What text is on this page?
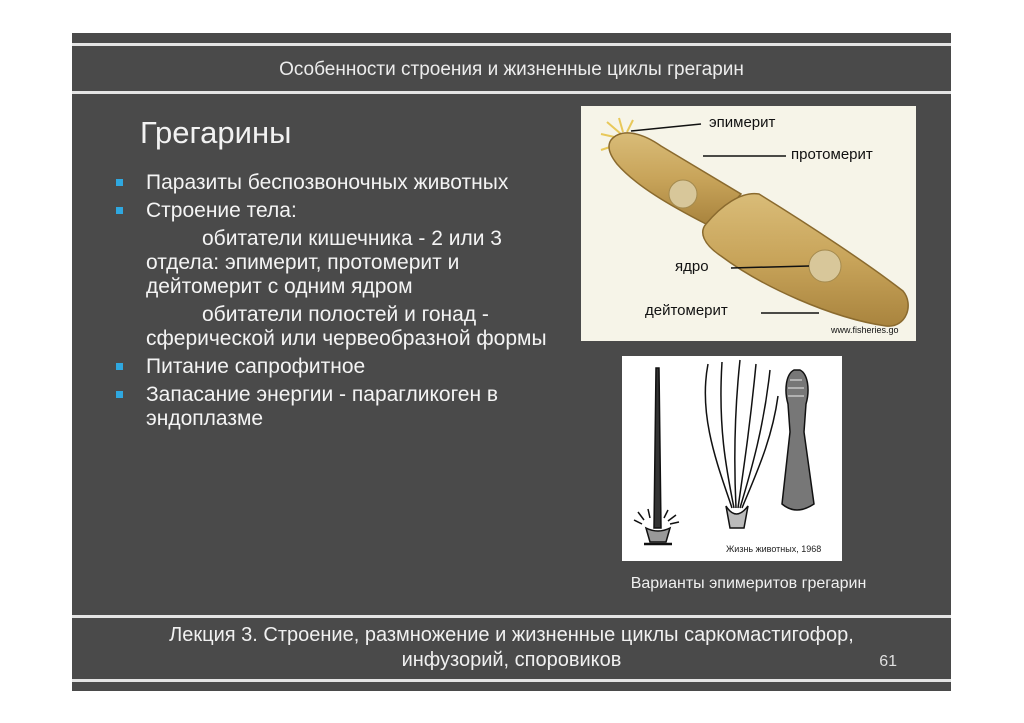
Особенности строения и жизненные циклы грегарин
Грегарины
Паразиты беспозвоночных животных
Строение тела:
обитатели кишечника - 2 или 3 отдела: эпимерит, протомерит и дейтомерит с одним ядром
обитатели полостей и гонад - сферической или червеобразной формы
Питание сапрофитное
Запасание энергии - парагликоген в эндоплазме
эпимерит
протомерит
ядро
дейтомерит
www.fisheries.go
Жизнь животных, 1968
Варианты эпимеритов грегарин
Лекция 3. Строение, размножение и жизненные циклы саркомастигофор,
инфузорий, споровиков	61
